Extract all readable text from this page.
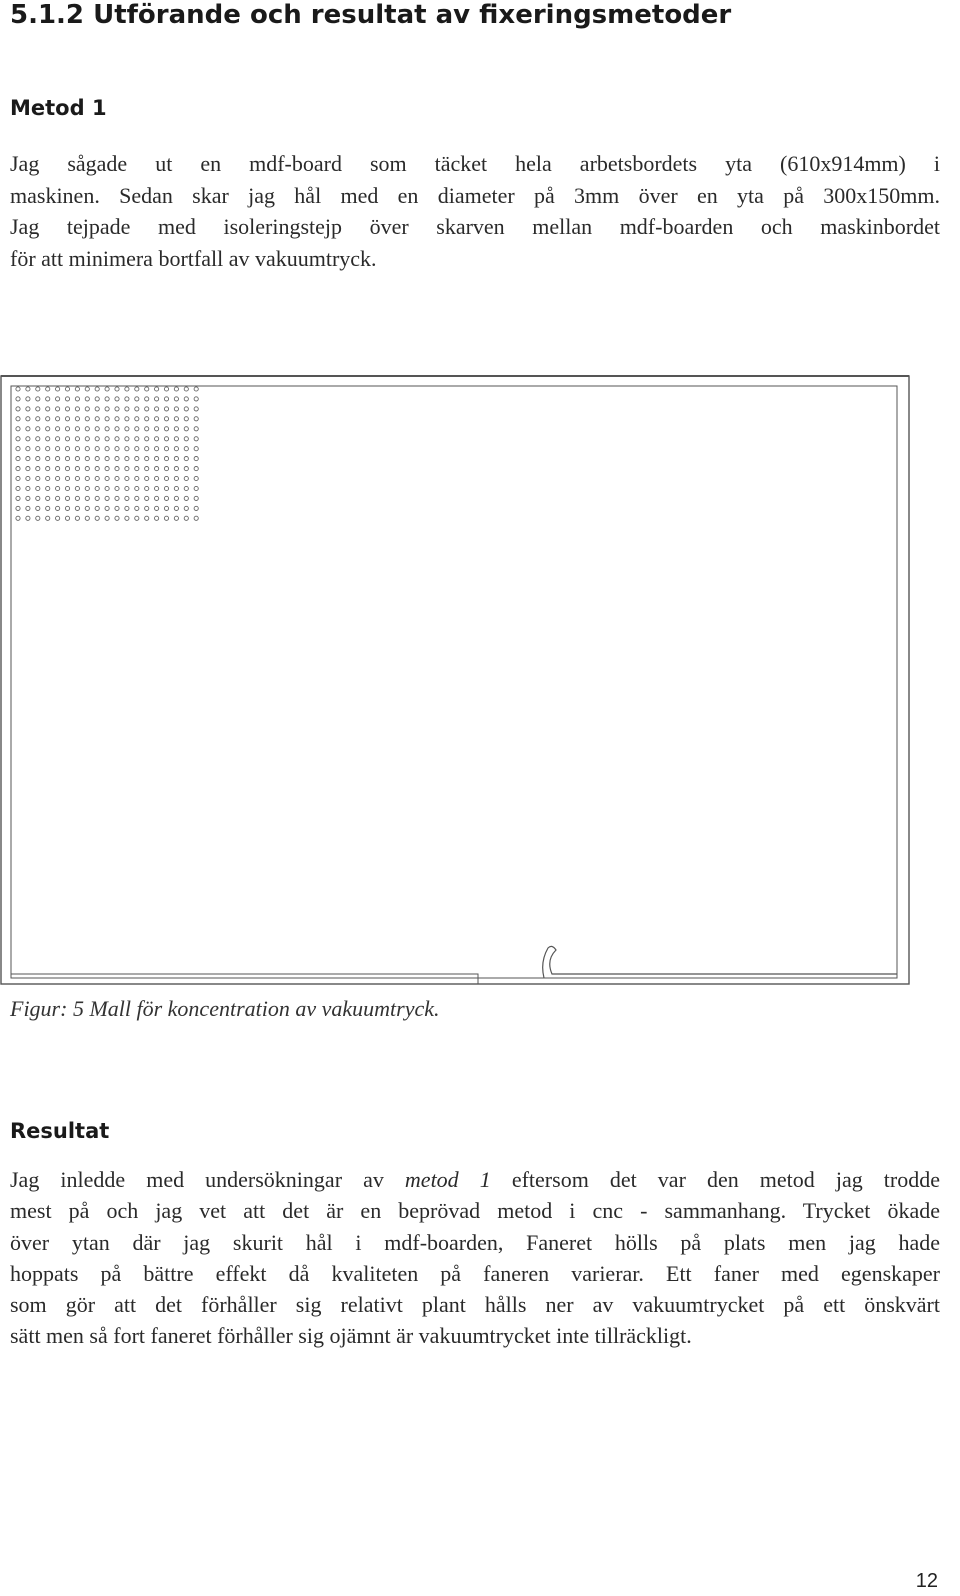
5.1.2 Utförande och resultat av fixeringsmetoder
Metod 1
Jag sågade ut en mdf-board som täcket hela arbetsbordets yta (610x914mm) i
maskinen. Sedan skar jag hål med en diameter på 3mm över en yta på 300x150mm.
Jag tejpade med isoleringstejp över skarven mellan mdf-boarden och maskinbordet
för att minimera bortfall av vakuumtryck.

Figur: 5 Mall för koncentration av vakuumtryck.

Resultat
Jag inledde med undersökningar av metod 1 eftersom det var den metod jag trodde
mest på och jag vet att det är en beprövad metod i cnc - sammanhang. Trycket ökade
över ytan där jag skurit hål i mdf-boarden, Faneret hölls på plats men jag hade
hoppats på bättre effekt då kvaliteten på faneren varierar. Ett faner med egenskaper
som gör att det förhåller sig relativt plant hålls ner av vakuumtrycket på ett önskvärt
sätt men så fort faneret förhåller sig ojämnt är vakuumtrycket inte tillräckligt.

12
